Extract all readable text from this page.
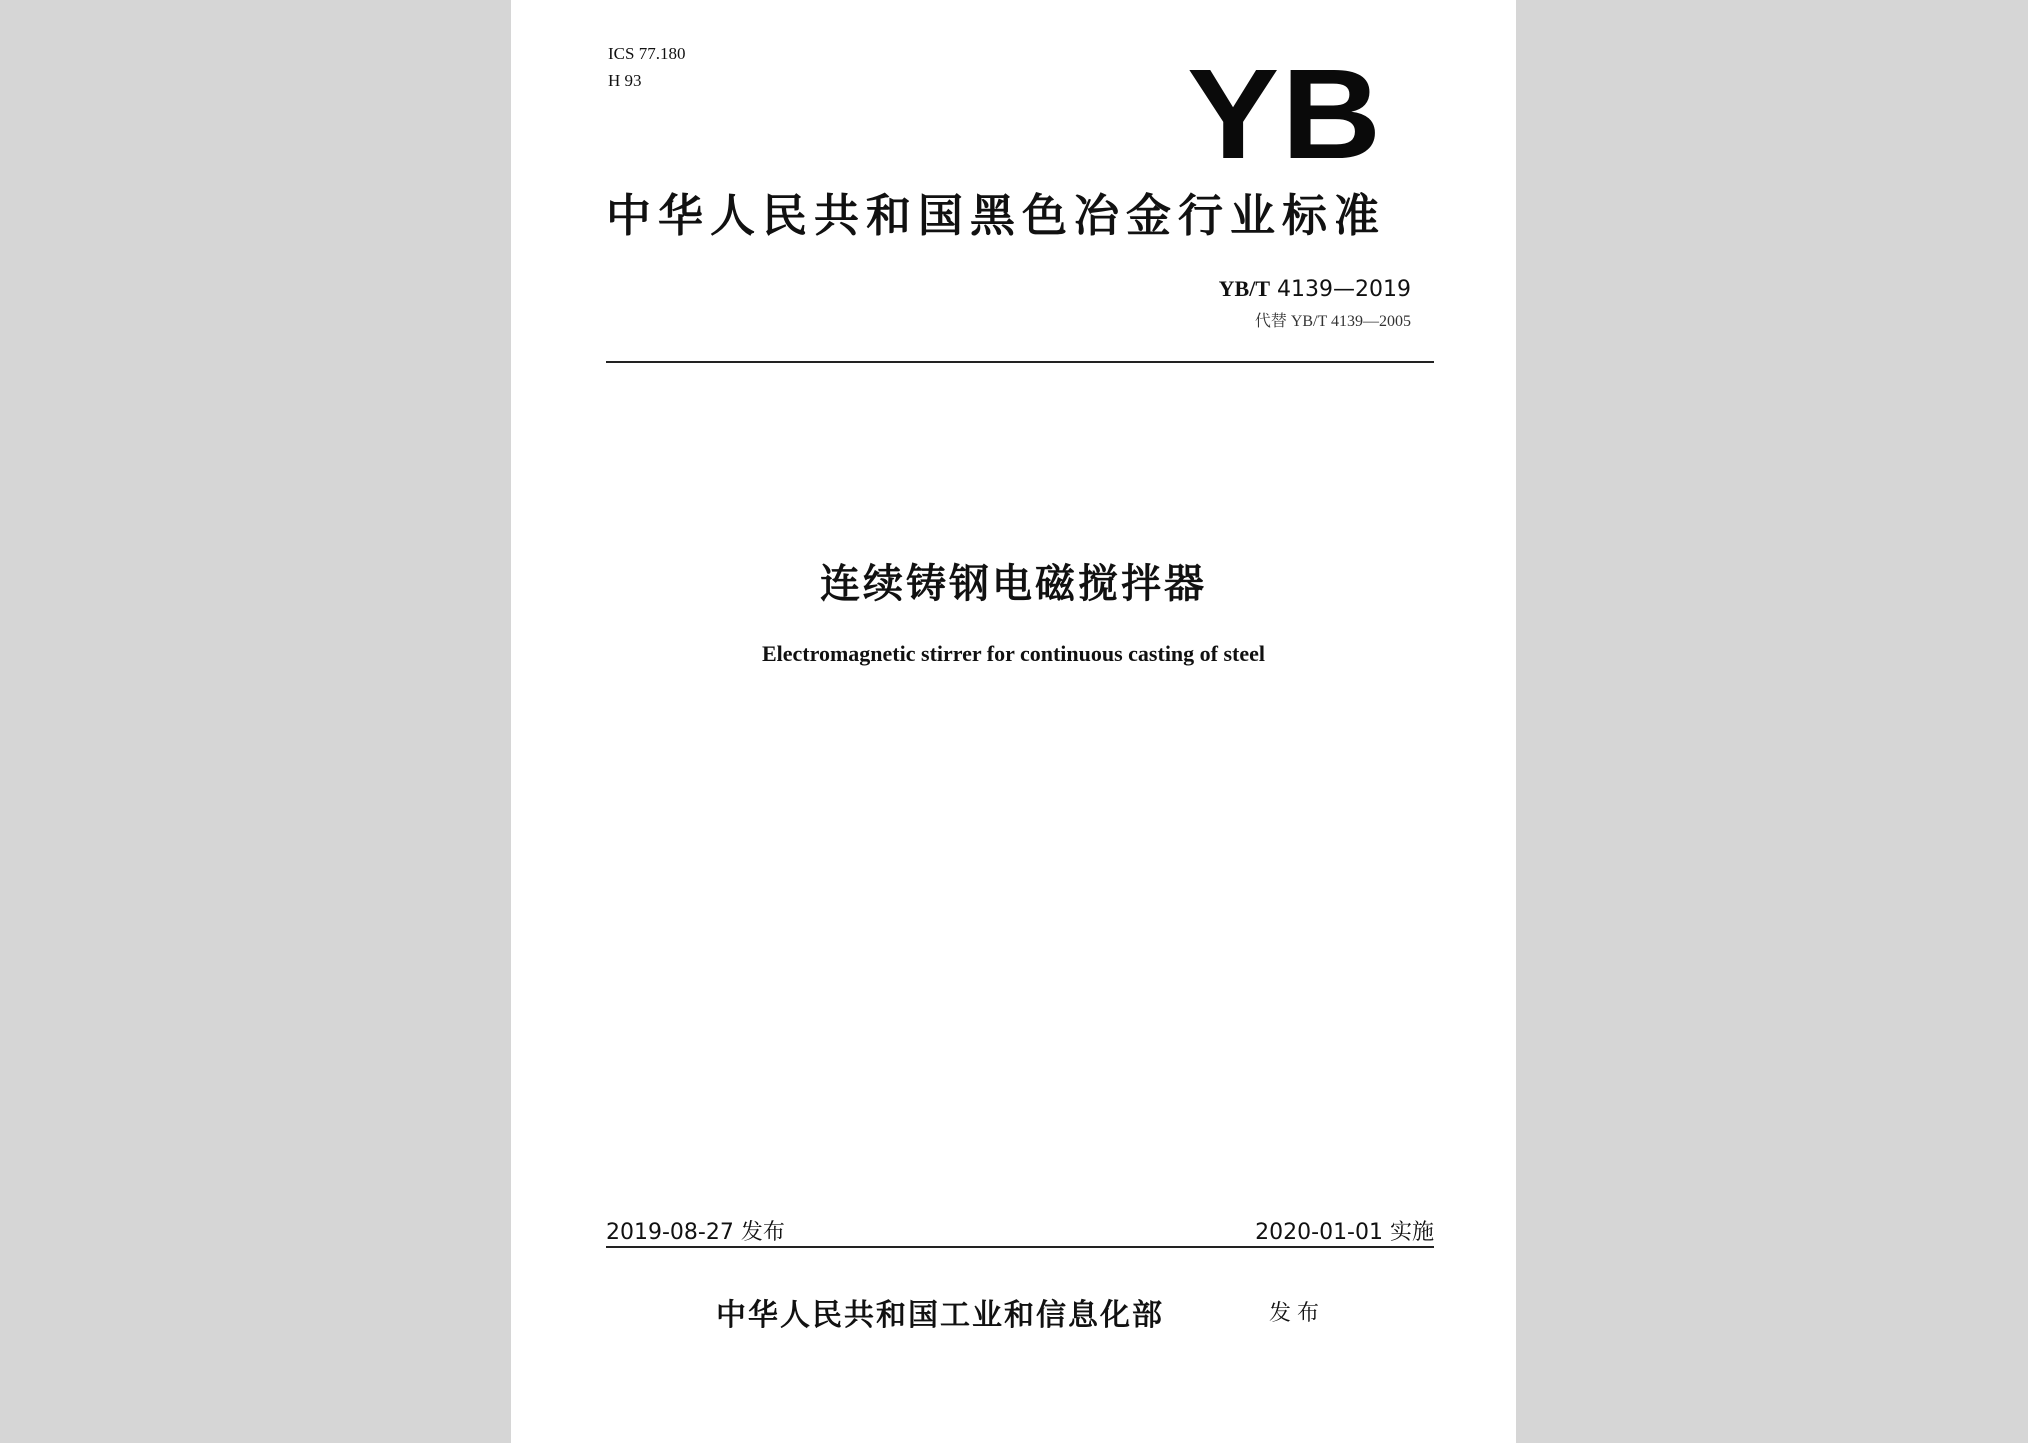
ICS 77.180

H 93	YB
中华人民共和国黑色冶金行业标准
YB/T 4139—2019
代替 YB/T 4139—2005
连续铸钢电磁搅拌器
Electromagnetic stirrer for continuous casting of steel
2019-08-27 发布	2020-01-01 实施
中华人民共和国工业和信息化部	发布
